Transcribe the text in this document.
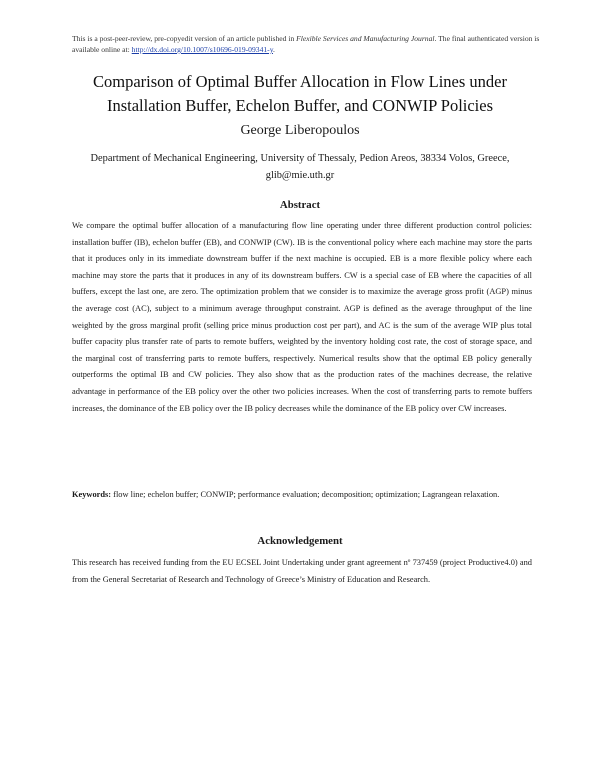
This is a post-peer-review, pre-copyedit version of an article published in Flexible Services and Manufacturing Journal. The final authenticated version is available online at: http://dx.doi.org/10.1007/s10696-019-09341-y.
Comparison of Optimal Buffer Allocation in Flow Lines under
Installation Buffer, Echelon Buffer, and CONWIP Policies
George Liberopoulos
Department of Mechanical Engineering, University of Thessaly, Pedion Areos, 38334 Volos, Greece,
glib@mie.uth.gr
Abstract
We compare the optimal buffer allocation of a manufacturing flow line operating under three different production control policies: installation buffer (IB), echelon buffer (EB), and CONWIP (CW). IB is the conventional policy where each machine may store the parts that it produces only in its immediate downstream buffer if the next machine is occupied. EB is a more flexible policy where each machine may store the parts that it produces in any of its downstream buffers. CW is a special case of EB where the capacities of all buffers, except the last one, are zero. The optimization problem that we consider is to maximize the average gross profit (AGP) minus the average cost (AC), subject to a minimum average throughput constraint. AGP is defined as the average throughput of the line weighted by the gross marginal profit (selling price minus production cost per part), and AC is the sum of the average WIP plus total buffer capacity plus transfer rate of parts to remote buffers, weighted by the inventory holding cost rate, the cost of storage space, and the marginal cost of transferring parts to remote buffers, respectively. Numerical results show that the optimal EB policy generally outperforms the optimal IB and CW policies. They also show that as the production rates of the machines decrease, the relative advantage in performance of the EB policy over the other two policies increases. When the cost of transferring parts to remote buffers increases, the dominance of the EB policy over the IB policy decreases while the dominance of the EB policy over CW increases.
Keywords: flow line; echelon buffer; CONWIP; performance evaluation; decomposition; optimization; Lagrangean relaxation.
Acknowledgement
This research has received funding from the EU ECSEL Joint Undertaking under grant agreement nº 737459 (project Productive4.0) and from the General Secretariat of Research and Technology of Greece’s Ministry of Education and Research.
